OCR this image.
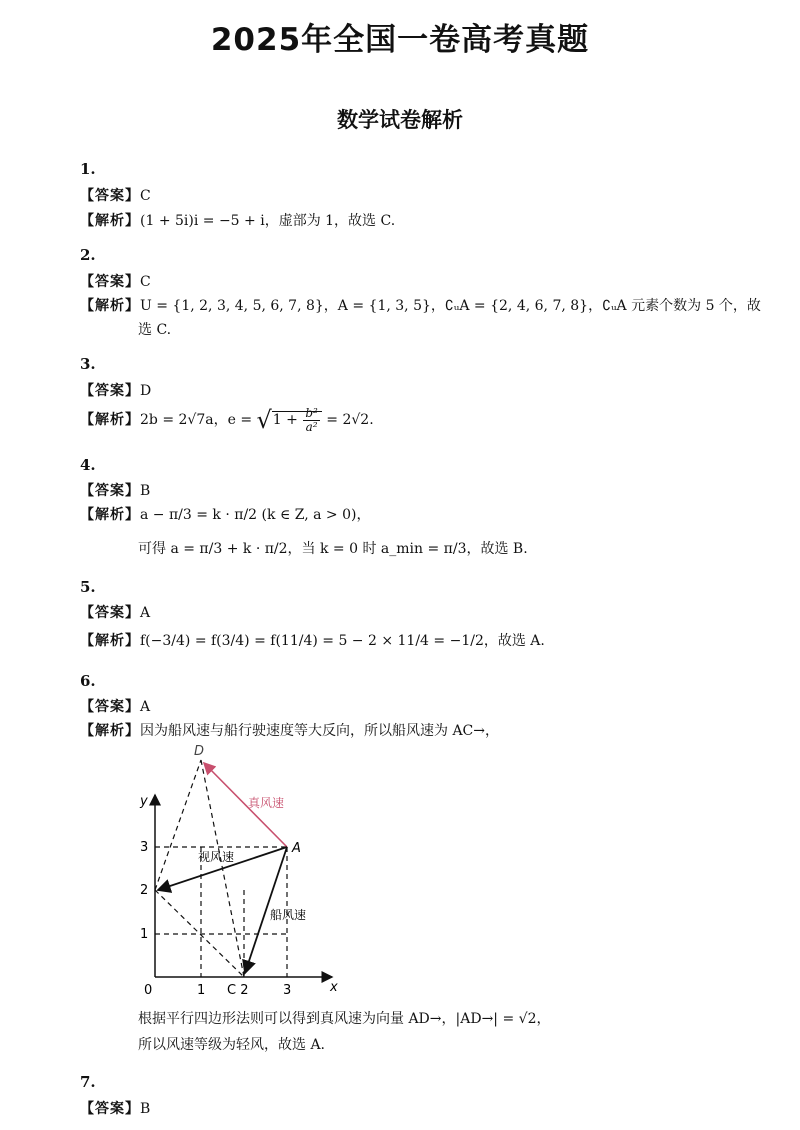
2025年全国一卷高考真题
数学试卷解析
1.
【答案】C
【解析】(1 + 5i)i = −5 + i，虚部为 1，故选 C.
2.
【答案】C
【解析】U = {1, 2, 3, 4, 5, 6, 7, 8}，A = {1, 3, 5}，∁ᵤA = {2, 4, 6, 7, 8}，∁ᵤA 元素个数为 5 个，故
选 C.
3.
【答案】D
【解析】2b = 2√7a，$e = √1 + \frac{\text{b²}}{\text{a²}} = 2√2$.
4.
【答案】B
【解析】a − π/3 = k · π/2 (k ∈ Z, a > 0)，
可得 a = π/3 + k · π/2，当 k = 0 时 a_min = π/3，故选 B.
5.
【答案】A
【解析】f(−3/4) = f(3/4) = f(11/4) = 5 − 2 × 11/4 = −1/2，故选 A.
6.
【答案】A
【解析】因为船风速与船行驶速度等大反向，所以船风速为 AC→，
x
y
0	1 C 2	3
1
2
3
D
A
真风速
视风速
船风速
根据平行四边形法则可以得到真风速为向量 AD→，|AD→| = √2，
所以风速等级为轻风，故选 A.
7.
【答案】B
